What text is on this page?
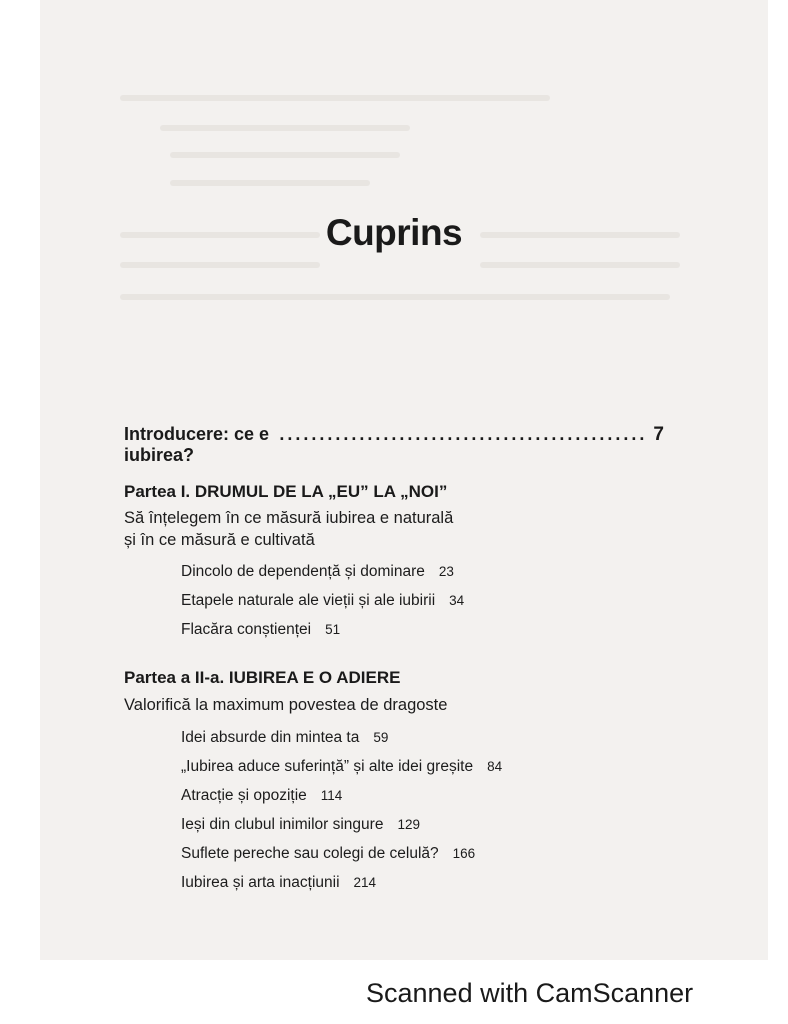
Cuprins
Introducere: ce e iubirea?
.............................................. 7
Partea I. DRUMUL DE LA „EU” LA „NOI”
Să înțelegem în ce măsură iubirea e naturală
și în ce măsură e cultivată
Dincolo de dependență și dominare 23
Etapele naturale ale vieții și ale iubirii 34
Flacăra conștienței 51
Partea a II-a. IUBIREA E O ADIERE
Valorifică la maximum povestea de dragoste
Idei absurde din mintea ta 59
„Iubirea aduce suferință” și alte idei greșite 84
Atracție și opoziție 114
Ieși din clubul inimilor singure 129
Suflete pereche sau colegi de celulă? 166
Iubirea și arta inacțiunii 214
Scanned with CamScanner
